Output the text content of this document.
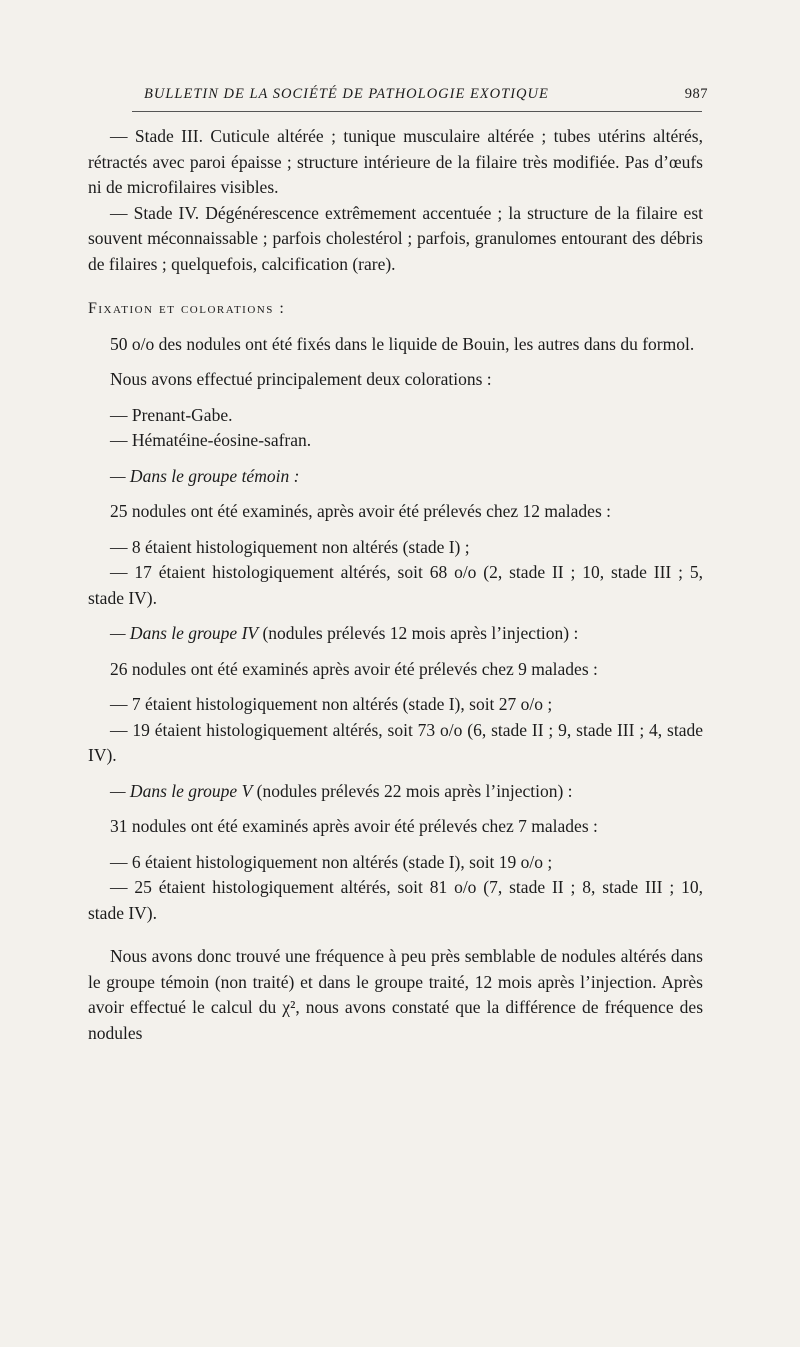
BULLETIN DE LA SOCIÉTÉ DE PATHOLOGIE EXOTIQUE	987

— Stade III. Cuticule altérée ; tunique musculaire altérée ; tubes utérins altérés, rétractés avec paroi épaisse ; structure intérieure de la filaire très modifiée. Pas d’œufs ni de microfilaires visibles.

— Stade IV. Dégénérescence extrêmement accentuée ; la structure de la filaire est souvent méconnaissable ; parfois cholestérol ; parfois, granulomes entourant des débris de filaires ; quelquefois, calcification (rare).

Fixation et colorations :

50 o/o des nodules ont été fixés dans le liquide de Bouin, les autres dans du formol.

Nous avons effectué principalement deux colorations :

— Prenant-Gabe.

— Hématéine-éosine-safran.

— Dans le groupe témoin :

25 nodules ont été examinés, après avoir été prélevés chez 12 malades :

— 8 étaient histologiquement non altérés (stade I) ;

— 17 étaient histologiquement altérés, soit 68 o/o (2, stade II ; 10, stade III ; 5, stade IV).

— Dans le groupe IV (nodules prélevés 12 mois après l’injection) :

26 nodules ont été examinés après avoir été prélevés chez 9 malades :

— 7 étaient histologiquement non altérés (stade I), soit 27 o/o ;

— 19 étaient histologiquement altérés, soit 73 o/o (6, stade II ; 9, stade III ; 4, stade IV).

— Dans le groupe V (nodules prélevés 22 mois après l’injection) :

31 nodules ont été examinés après avoir été prélevés chez 7 malades :

— 6 étaient histologiquement non altérés (stade I), soit 19 o/o ;

— 25 étaient histologiquement altérés, soit 81 o/o (7, stade II ; 8, stade III ; 10, stade IV).

Nous avons donc trouvé une fréquence à peu près semblable de nodules altérés dans le groupe témoin (non traité) et dans le groupe traité, 12 mois après l’injection. Après avoir effectué le calcul du χ², nous avons constaté que la différence de fréquence des nodules
